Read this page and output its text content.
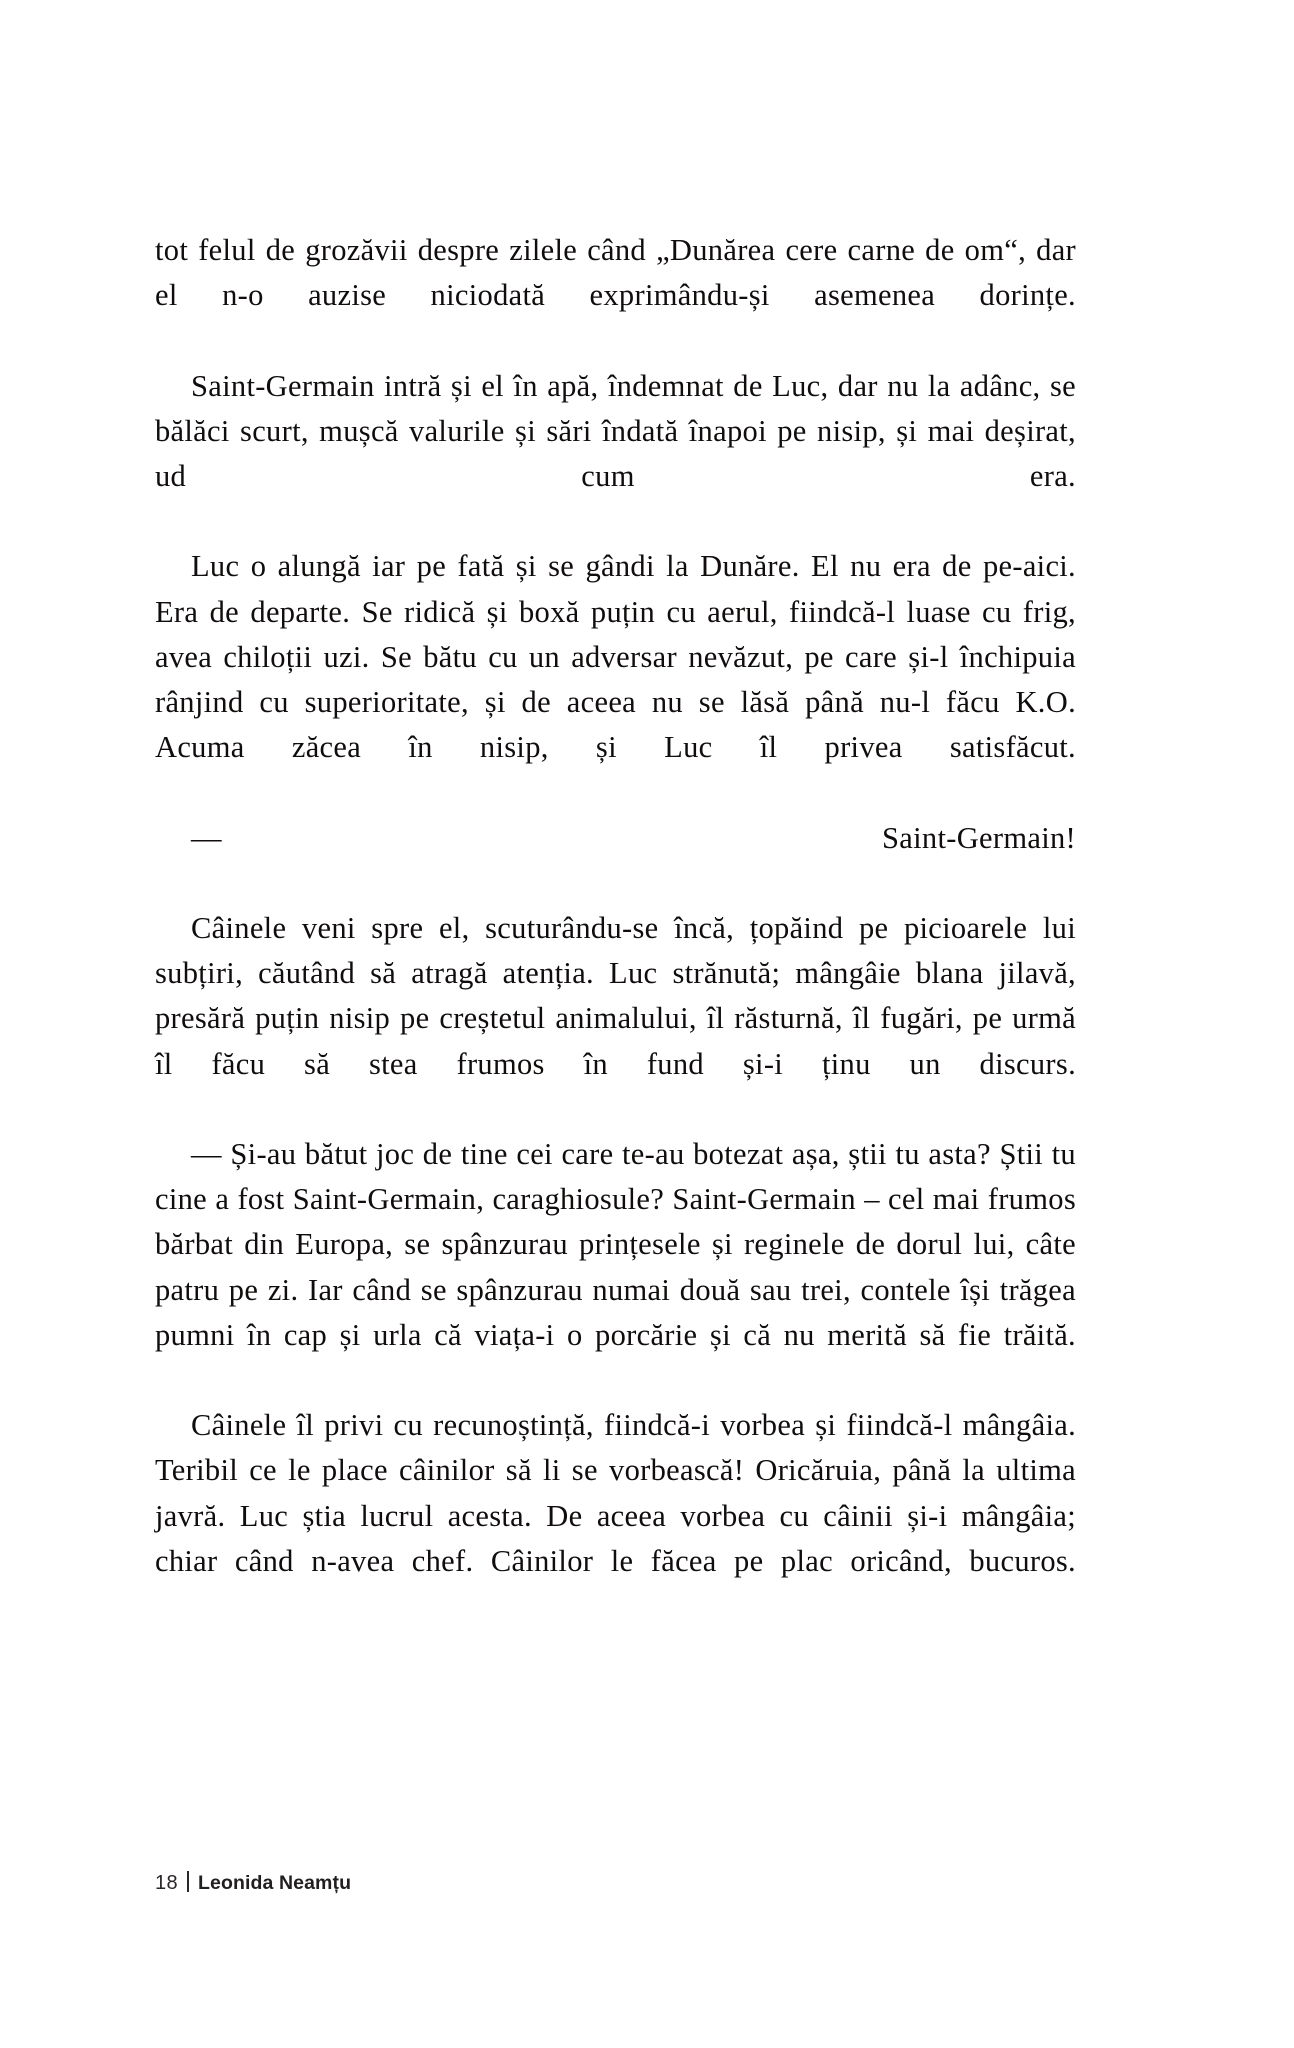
tot felul de grozăvii despre zilele când „Dunărea cere carne de om“, dar el n-o auzise niciodată exprimându-și asemenea dorințe.

Saint-Germain intră și el în apă, îndemnat de Luc, dar nu la adânc, se bălăci scurt, mușcă valurile și sări îndată înapoi pe nisip, și mai deșirat, ud cum era.

Luc o alungă iar pe fată și se gândi la Dunăre. El nu era de pe-aici. Era de departe. Se ridică și boxă puțin cu aerul, fiindcă-l luase cu frig, avea chiloții uzi. Se bătu cu un adversar nevăzut, pe care și-l închipuia rânjind cu superioritate, și de aceea nu se lăsă până nu-l făcu K.O. Acuma zăcea în nisip, și Luc îl privea satisfăcut.

— Saint-Germain!

Câinele veni spre el, scuturându-se încă, țopăind pe picioarele lui subțiri, căutând să atragă atenția. Luc strănută; mângâie blana jilavă, presără puțin nisip pe creștetul animalului, îl răsturnă, îl fugări, pe urmă îl făcu să stea frumos în fund și-i ținu un discurs.

— Și-au bătut joc de tine cei care te-au botezat așa, știi tu asta? Știi tu cine a fost Saint-Germain, caraghiosule? Saint-Germain – cel mai frumos bărbat din Europa, se spânzurau prințesele și reginele de dorul lui, câte patru pe zi. Iar când se spânzurau numai două sau trei, contele își trăgea pumni în cap și urla că viața-i o porcărie și că nu merită să fie trăită.

Câinele îl privi cu recunoștință, fiindcă-i vorbea și fiindcă-l mângâia. Teribil ce le place câinilor să li se vorbească! Oricăruia, până la ultima javră. Luc știa lucrul acesta. De aceea vorbea cu câinii și-i mângâia; chiar când n-avea chef. Câinilor le făcea pe plac oricând, bucuros.

18 Leonida Neamțu
